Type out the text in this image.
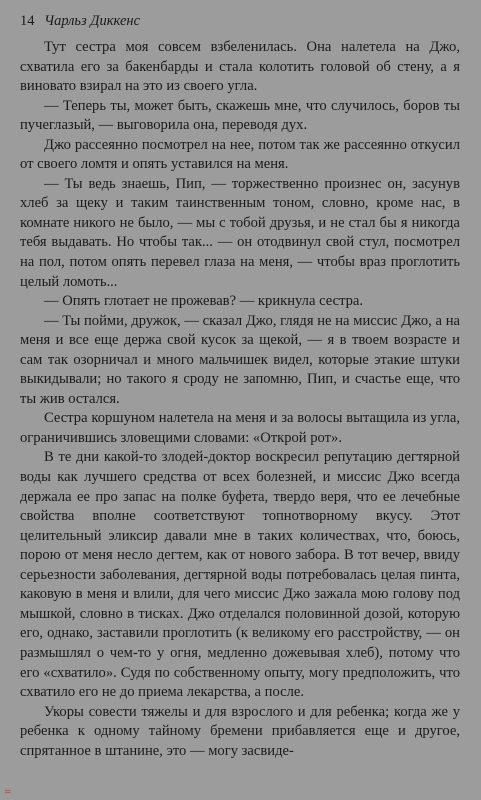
14 Чарльз Диккенс

Тут сестра моя совсем взбеленилась. Она налетела на Джо, схватила его за бакенбарды и стала колотить головой об стену, а я виновато взирал на это из своего угла.

— Теперь ты, может быть, скажешь мне, что случилось, боров ты пучеглазый, — выговорила она, переводя дух.

Джо рассеянно посмотрел на нее, потом так же рассеянно откусил от своего ломтя и опять уставился на меня.

— Ты ведь знаешь, Пип, — торжественно произнес он, засунув хлеб за щеку и таким таинственным тоном, словно, кроме нас, в комнате никого не было, — мы с тобой друзья, и не стал бы я никогда тебя выдавать. Но чтобы так... — он отодвинул свой стул, посмотрел на пол, потом опять перевел глаза на меня, — чтобы враз проглотить целый ломоть...

— Опять глотает не прожевав? — крикнула сестра.

— Ты пойми, дружок, — сказал Джо, глядя не на миссис Джо, а на меня и все еще держа свой кусок за щекой, — я в твоем возрасте и сам так озорничал и много мальчишек видел, которые этакие штуки выкидывали; но такого я сроду не запомню, Пип, и счастье еще, что ты жив остался.

Сестра коршуном налетела на меня и за волосы вытащила из угла, ограничившись зловещими словами: «Открой рот».

В те дни какой-то злодей-доктор воскресил репутацию дегтярной воды как лучшего средства от всех болезней, и миссис Джо всегда держала ее про запас на полке буфета, твердо веря, что ее лечебные свойства вполне соответствуют топнотворному вкусу. Этот целительный эликсир давали мне в таких количествах, что, боюсь, порою от меня несло дегтем, как от нового забора. В тот вечер, ввиду серьезности заболевания, дегтярной воды потребовалась целая пинта, каковую в меня и влили, для чего миссис Джо зажала мою голову под мышкой, словно в тисках. Джо отделался половинной дозой, которую его, однако, заставили проглотить (к великому его расстройству, — он размышлял о чем-то у огня, медленно дожевывая хлеб), потому что его «схватило». Судя по собственному опыту, могу предположить, что схватило его не до приема лекарства, а после.

Укоры совести тяжелы и для взрослого и для ребенка; когда же у ребенка к одному тайному бремени прибавляется еще и другое, спрятанное в штанине, это — могу засвиде-

=
